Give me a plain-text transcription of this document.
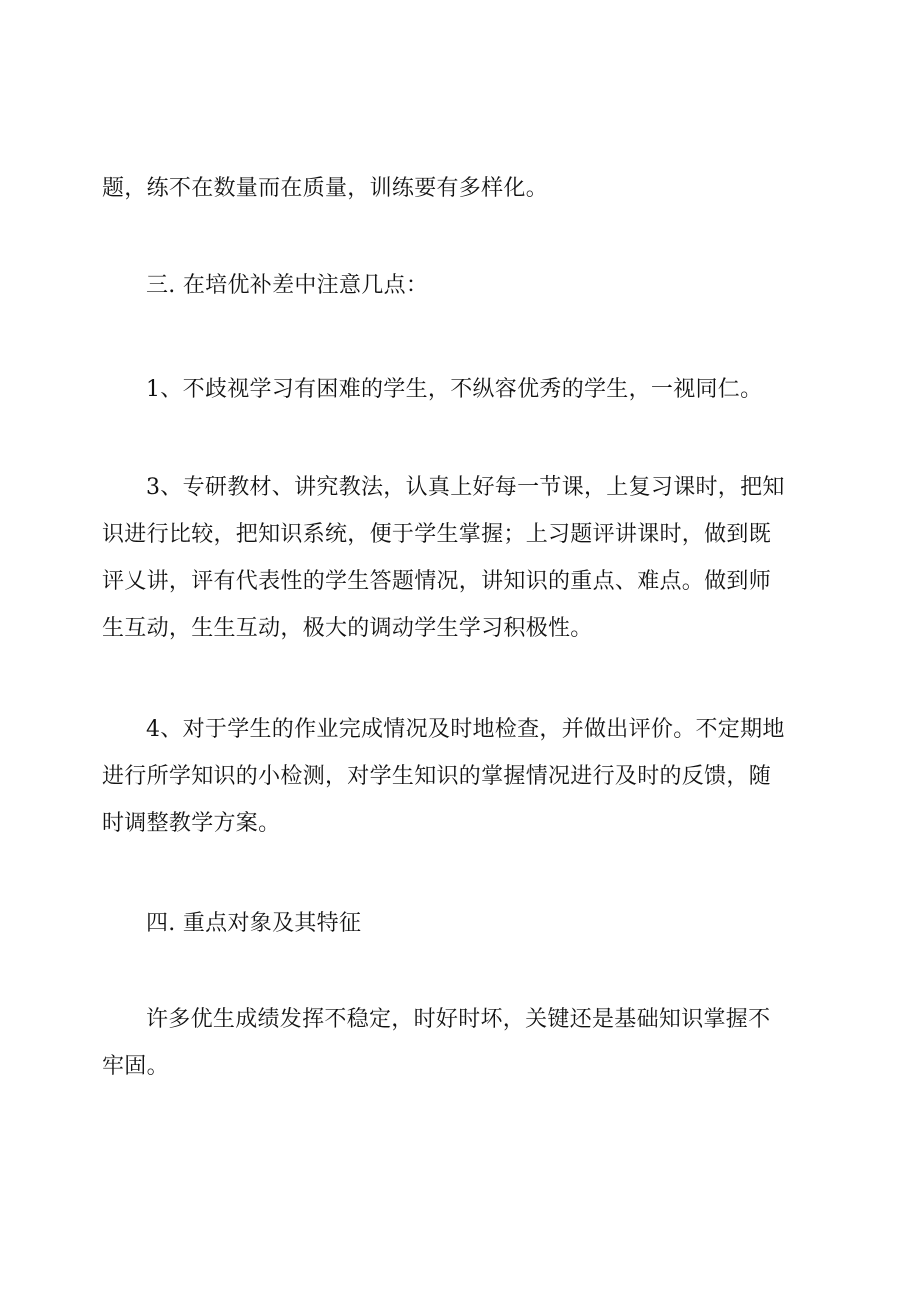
题，练不在数量而在质量，训练要有多样化。

三. 在培优补差中注意几点：

1、不歧视学习有困难的学生，不纵容优秀的学生，一视同仁。

3、专研教材、讲究教法，认真上好每一节课，上复习课时，把知
识进行比较，把知识系统，便于学生掌握；上习题评讲课时，做到既
评乂讲，评有代表性的学生答题情况，讲知识的重点、难点。做到师
生互动，生生互动，极大的调动学生学习积极性。

4、对于学生的作业完成情况及时地检查，并做出评价。不定期地
进行所学知识的小检测，对学生知识的掌握情况进行及时的反馈，随
时调整教学方案。

四. 重点对象及其特征

许多优生成绩发挥不稳定，时好时坏，关键还是基础知识掌握不
牢固。
